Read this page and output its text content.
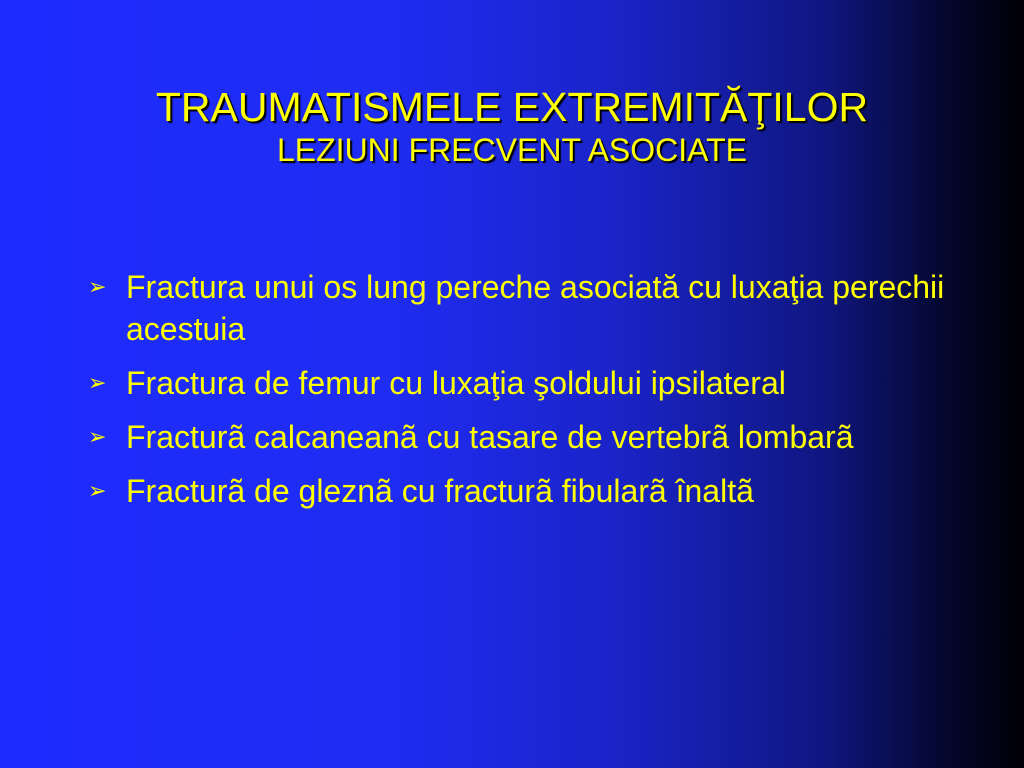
TRAUMATISMELE EXTREMITĂŢILOR
LEZIUNI FRECVENT ASOCIATE
➢ Fractura unui os lung pereche asociată cu luxaţia perechii acestuia
➢ Fractura de femur cu luxaţia şoldului ipsilateral
➢ Fracturã calcaneanã cu tasare de vertebrã lombarã
➢ Fracturã de gleznã cu fracturã fibularã înaltã
